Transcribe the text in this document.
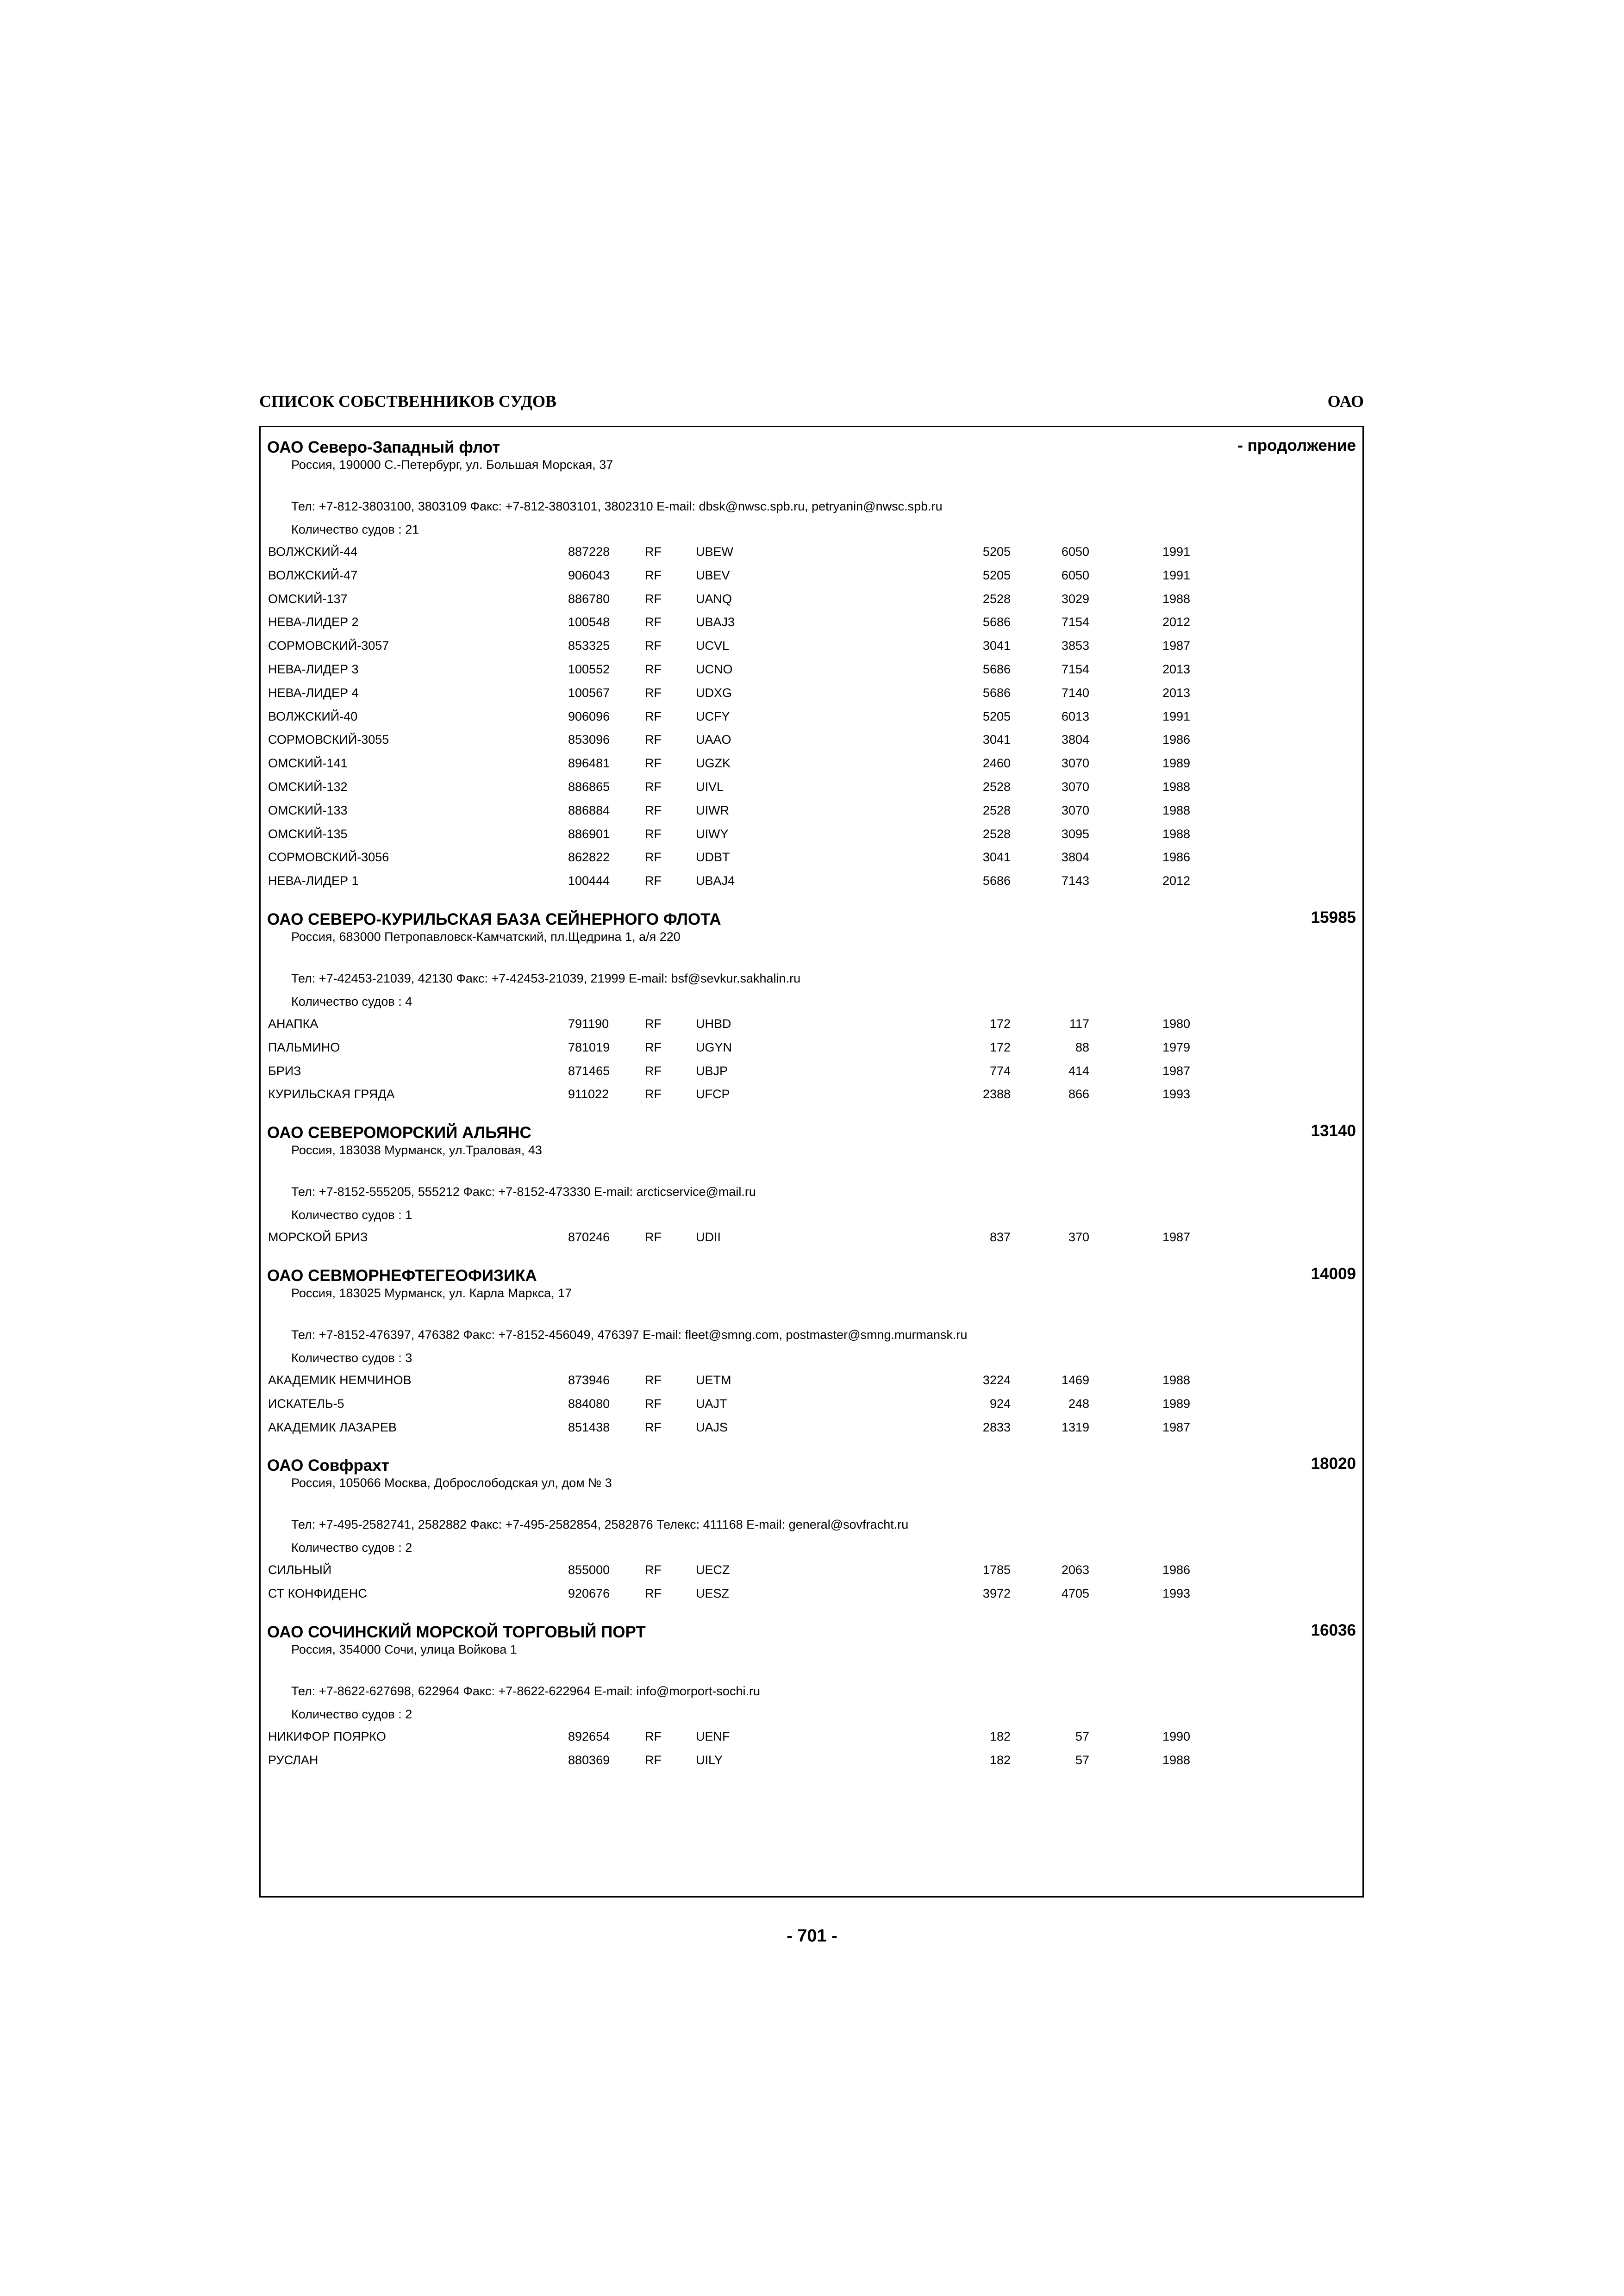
СПИСОК СОБСТВЕННИКОВ СУДОВ	ОАО
ОАО Северо-Западный флот	- продолжение
Россия, 190000 С.-Петербург, ул. Большая Морская, 37
Тел: +7-812-3803100, 3803109 Факс: +7-812-3803101, 3802310 E-mail: dbsk@nwsc.spb.ru, petryanin@nwsc.spb.ru
Количество судов : 21
ВОЛЖСКИЙ-44	887228	RF	UBEW	5205	6050	1991
ВОЛЖСКИЙ-47	906043	RF	UBEV	5205	6050	1991
ОМСКИЙ-137	886780	RF	UANQ	2528	3029	1988
НЕВА-ЛИДЕР 2	100548	RF	UBAJ3	5686	7154	2012
СОРМОВСКИЙ-3057	853325	RF	UCVL	3041	3853	1987
НЕВА-ЛИДЕР 3	100552	RF	UCNO	5686	7154	2013
НЕВА-ЛИДЕР 4	100567	RF	UDXG	5686	7140	2013
ВОЛЖСКИЙ-40	906096	RF	UCFY	5205	6013	1991
СОРМОВСКИЙ-3055	853096	RF	UAAO	3041	3804	1986
ОМСКИЙ-141	896481	RF	UGZK	2460	3070	1989
ОМСКИЙ-132	886865	RF	UIVL	2528	3070	1988
ОМСКИЙ-133	886884	RF	UIWR	2528	3070	1988
ОМСКИЙ-135	886901	RF	UIWY	2528	3095	1988
СОРМОВСКИЙ-3056	862822	RF	UDBT	3041	3804	1986
НЕВА-ЛИДЕР 1	100444	RF	UBAJ4	5686	7143	2012
ОАО СЕВЕРО-КУРИЛЬСКАЯ БАЗА СЕЙНЕРНОГО ФЛОТА	15985
Россия, 683000 Петропавловск-Камчатский, пл.Щедрина 1, а/я 220
Тел: +7-42453-21039, 42130 Факс: +7-42453-21039, 21999 E-mail: bsf@sevkur.sakhalin.ru
Количество судов : 4
АНАПКА	791190	RF	UHBD	172	117	1980
ПАЛЬМИНО	781019	RF	UGYN	172	88	1979
БРИЗ	871465	RF	UBJP	774	414	1987
КУРИЛЬСКАЯ ГРЯДА	911022	RF	UFCP	2388	866	1993
ОАО СЕВЕРОМОРСКИЙ АЛЬЯНС	13140
Россия, 183038 Мурманск, ул.Траловая, 43
Тел: +7-8152-555205, 555212 Факс: +7-8152-473330 E-mail: arcticservice@mail.ru
Количество судов : 1
МОРСКОЙ БРИЗ	870246	RF	UDII	837	370	1987
ОАО СЕВМОРНЕФТЕГЕОФИЗИКА	14009
Россия, 183025 Мурманск, ул. Карла Маркса, 17
Тел: +7-8152-476397, 476382 Факс: +7-8152-456049, 476397 E-mail: fleet@smng.com, postmaster@smng.murmansk.ru
Количество судов : 3
АКАДЕМИК НЕМЧИНОВ	873946	RF	UETM	3224	1469	1988
ИСКАТЕЛЬ-5	884080	RF	UAJT	924	248	1989
АКАДЕМИК ЛАЗАРЕВ	851438	RF	UAJS	2833	1319	1987
ОАО Совфрахт	18020
Россия, 105066 Москва, Доброслободская ул, дом № 3
Тел: +7-495-2582741, 2582882 Факс: +7-495-2582854, 2582876 Телекс: 411168 E-mail: general@sovfracht.ru
Количество судов : 2
СИЛЬНЫЙ	855000	RF	UECZ	1785	2063	1986
СТ КОНФИДЕНС	920676	RF	UESZ	3972	4705	1993
ОАО СОЧИНСКИЙ МОРСКОЙ ТОРГОВЫЙ ПОРТ	16036
Россия, 354000 Сочи, улица Войкова 1
Тел: +7-8622-627698, 622964 Факс: +7-8622-622964 E-mail: info@morport-sochi.ru
Количество судов : 2
НИКИФОР ПОЯРКО	892654	RF	UENF	182	57	1990
РУСЛАН	880369	RF	UILY	182	57	1988
- 701 -
